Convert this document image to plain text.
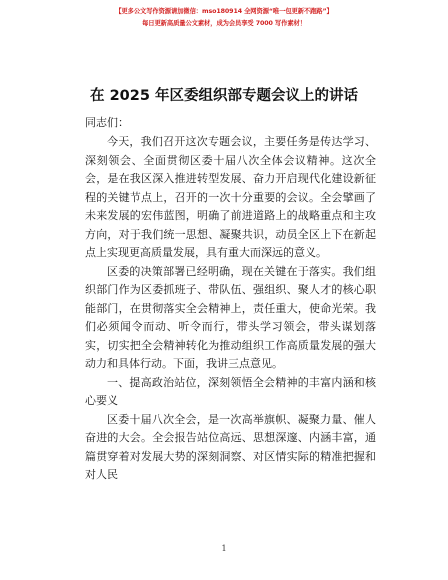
【更多公文写作资源请加微信：mso180914 全网资源“唯一包更新不跑路”】
每日更新高质量公文素材，成为会员享受 7000 写作素材！
在 2025 年区委组织部专题会议上的讲话

同志们：

今天，我们召开这次专题会议，主要任务是传达学习、深刻领会、全面贯彻区委十届八次全体会议精神。这次全会，是在我区深入推进转型发展、奋力开启现代化建设新征程的关键节点上，召开的一次十分重要的会议。全会擘画了未来发展的宏伟蓝图，明确了前进道路上的战略重点和主攻方向，对于我们统一思想、凝聚共识，动员全区上下在新起点上实现更高质量发展，具有重大而深远的意义。

区委的决策部署已经明确，现在关键在于落实。我们组织部门作为区委抓班子、带队伍、强组织、聚人才的核心职能部门，在贯彻落实全会精神上，责任重大，使命光荣。我们必须闻令而动、听令而行，带头学习领会，带头谋划落实，切实把全会精神转化为推动组织工作高质量发展的强大动力和具体行动。下面，我讲三点意见。

一、提高政治站位，深刻领悟全会精神的丰富内涵和核心要义

区委十届八次全会，是一次高举旗帜、凝聚力量、催人奋进的大会。全会报告站位高远、思想深邃、内涵丰富，通篇贯穿着对发展大势的深刻洞察、对区情实际的精准把握和对人民

1
